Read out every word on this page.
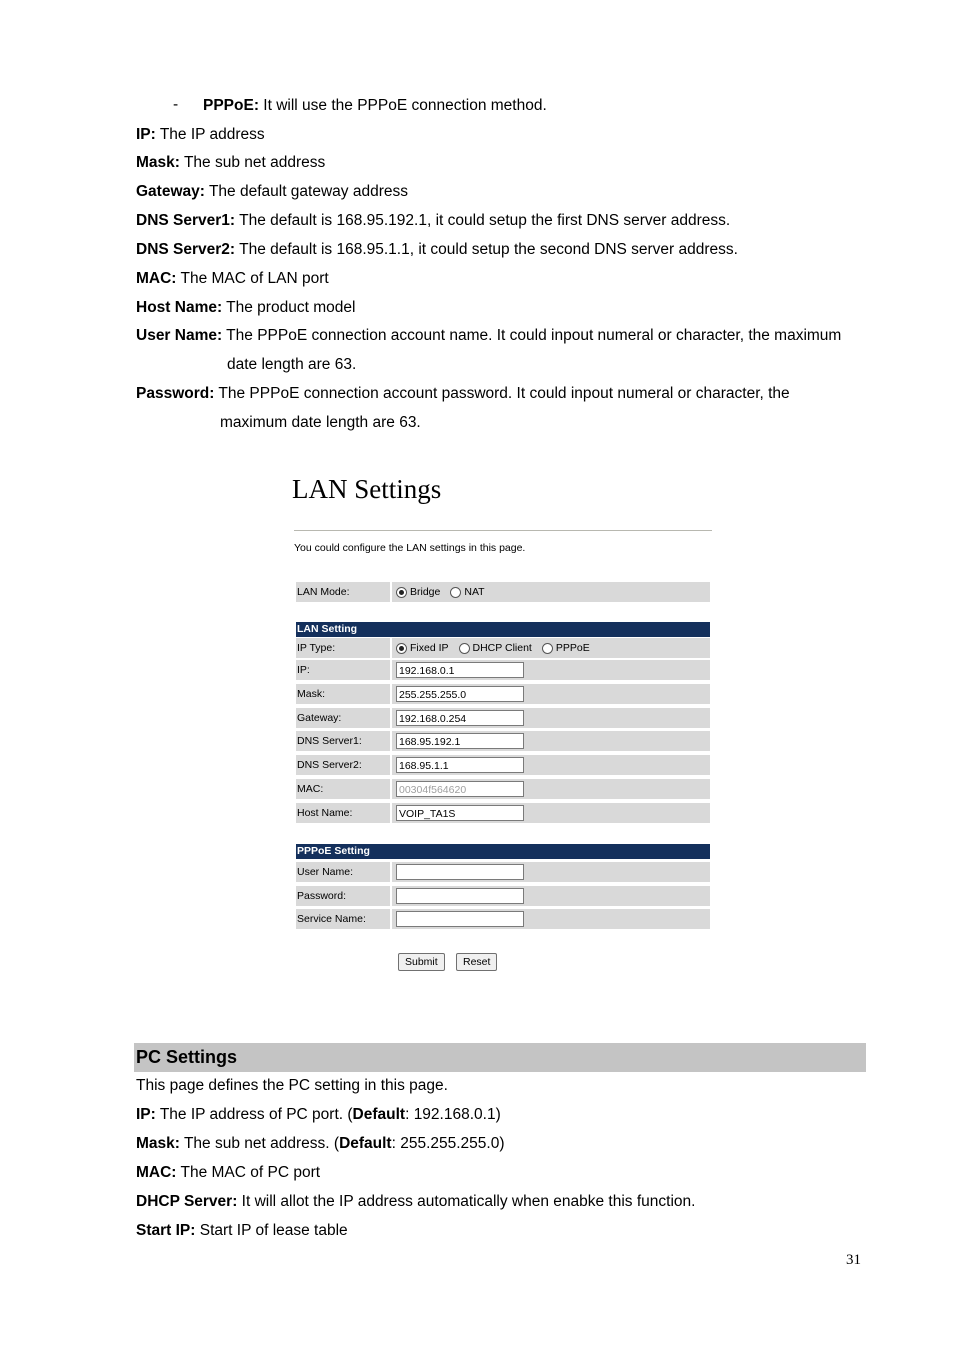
- PPPoE: It will use the PPPoE connection method.
IP: The IP address
Mask: The sub net address
Gateway: The default gateway address
DNS Server1: The default is 168.95.192.1, it could setup the first DNS server address.
DNS Server2: The default is 168.95.1.1, it could setup the second DNS server address.
MAC: The MAC of LAN port
Host Name: The product model
User Name: The PPPoE connection account name. It could inpout numeral or character, the maximum
date length are 63.
Password: The PPPoE connection account password. It could inpout numeral or character, the
maximum date length are 63.
LAN Settings
You could configure the LAN settings in this page.
LAN Mode:	Bridge NAT
LAN Setting
IP Type:	Fixed IP DHCP Client PPPoE
IP:	192.168.0.1
Mask:	255.255.255.0
Gateway:	192.168.0.254
DNS Server1:	168.95.192.1
DNS Server2:	168.95.1.1
MAC:	00304f564620
Host Name:	VOIP_TA1S
PPPoE Setting
User Name:
Password:
Service Name:
Submit	Reset
PC Settings
This page defines the PC setting in this page.
IP: The IP address of PC port. (Default: 192.168.0.1)
Mask: The sub net address. (Default: 255.255.255.0)
MAC: The MAC of PC port
DHCP Server: It will allot the IP address automatically when enabke this function.
Start IP: Start IP of lease table
31
